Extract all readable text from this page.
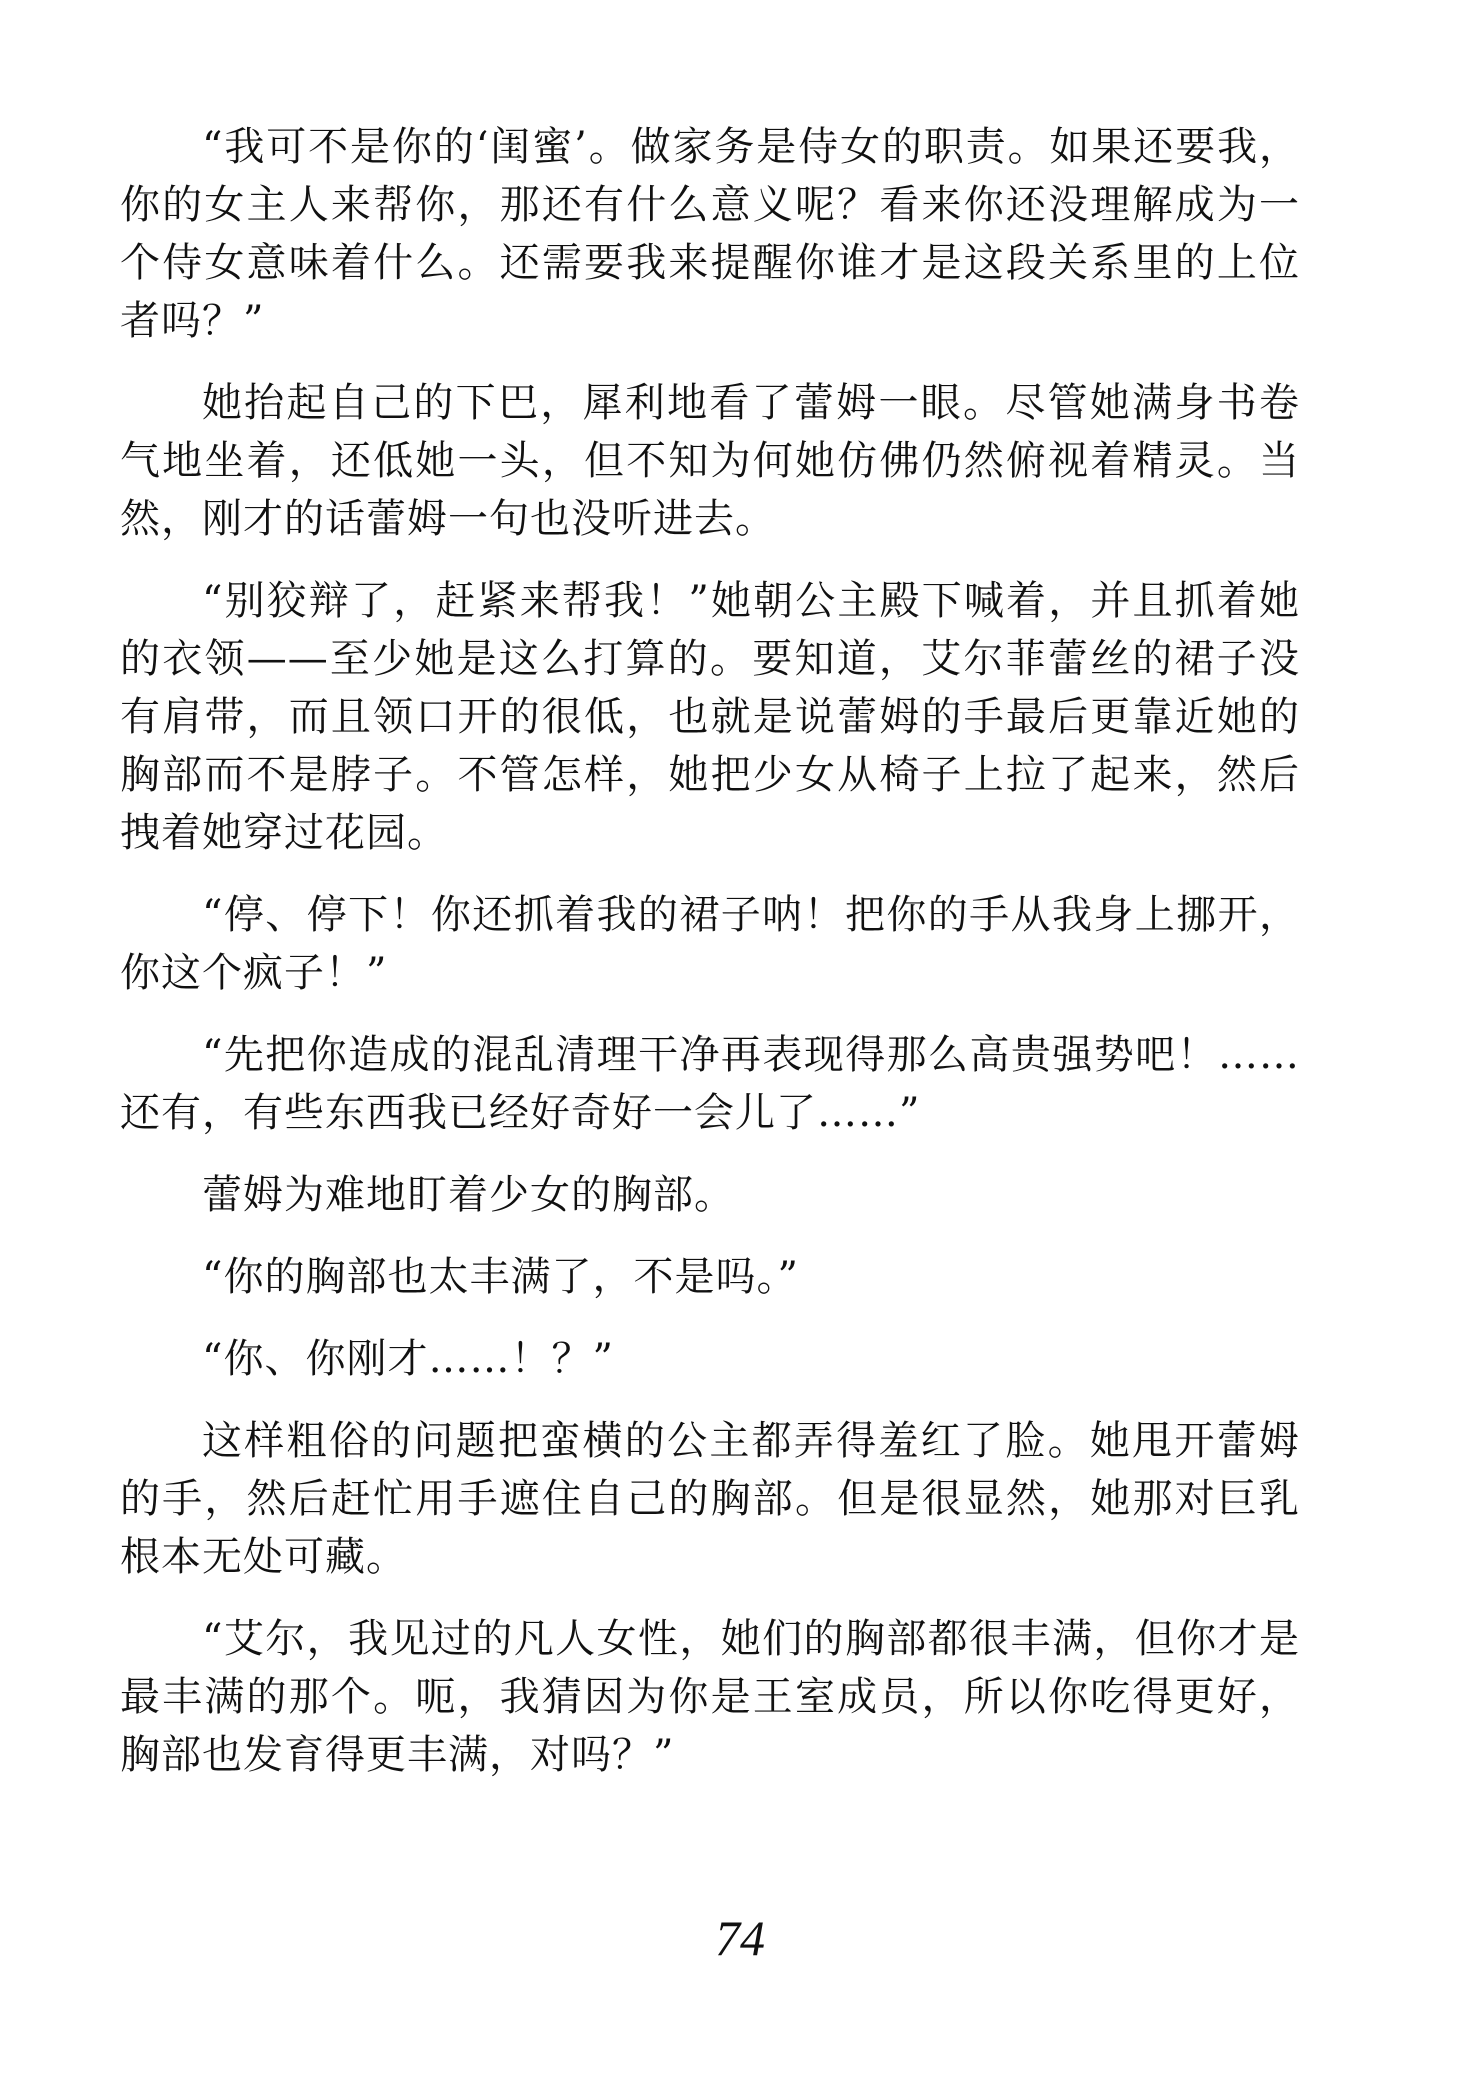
“我可不是你的‘闺蜜’。做家务是侍女的职责。如果还要我，你的女主人来帮你，那还有什么意义呢？看来你还没理解成为一个侍女意味着什么。还需要我来提醒你谁才是这段关系里的上位者吗？”

她抬起自己的下巴，犀利地看了蕾姆一眼。尽管她满身书卷气地坐着，还低她一头，但不知为何她仿佛仍然俯视着精灵。当然，刚才的话蕾姆一句也没听进去。

“别狡辩了，赶紧来帮我！”她朝公主殿下喊着，并且抓着她的衣领——至少她是这么打算的。要知道，艾尔菲蕾丝的裙子没有肩带，而且领口开的很低，也就是说蕾姆的手最后更靠近她的胸部而不是脖子。不管怎样，她把少女从椅子上拉了起来，然后拽着她穿过花园。

“停、停下！你还抓着我的裙子呐！把你的手从我身上挪开，你这个疯子！”

“先把你造成的混乱清理干净再表现得那么高贵强势吧！……还有，有些东西我已经好奇好一会儿了……”

蕾姆为难地盯着少女的胸部。

“你的胸部也太丰满了，不是吗。”

“你、你刚才……！？”

这样粗俗的问题把蛮横的公主都弄得羞红了脸。她甩开蕾姆的手，然后赶忙用手遮住自己的胸部。但是很显然，她那对巨乳根本无处可藏。

“艾尔，我见过的凡人女性，她们的胸部都很丰满，但你才是最丰满的那个。呃，我猜因为你是王室成员，所以你吃得更好，胸部也发育得更丰满，对吗？”

74
